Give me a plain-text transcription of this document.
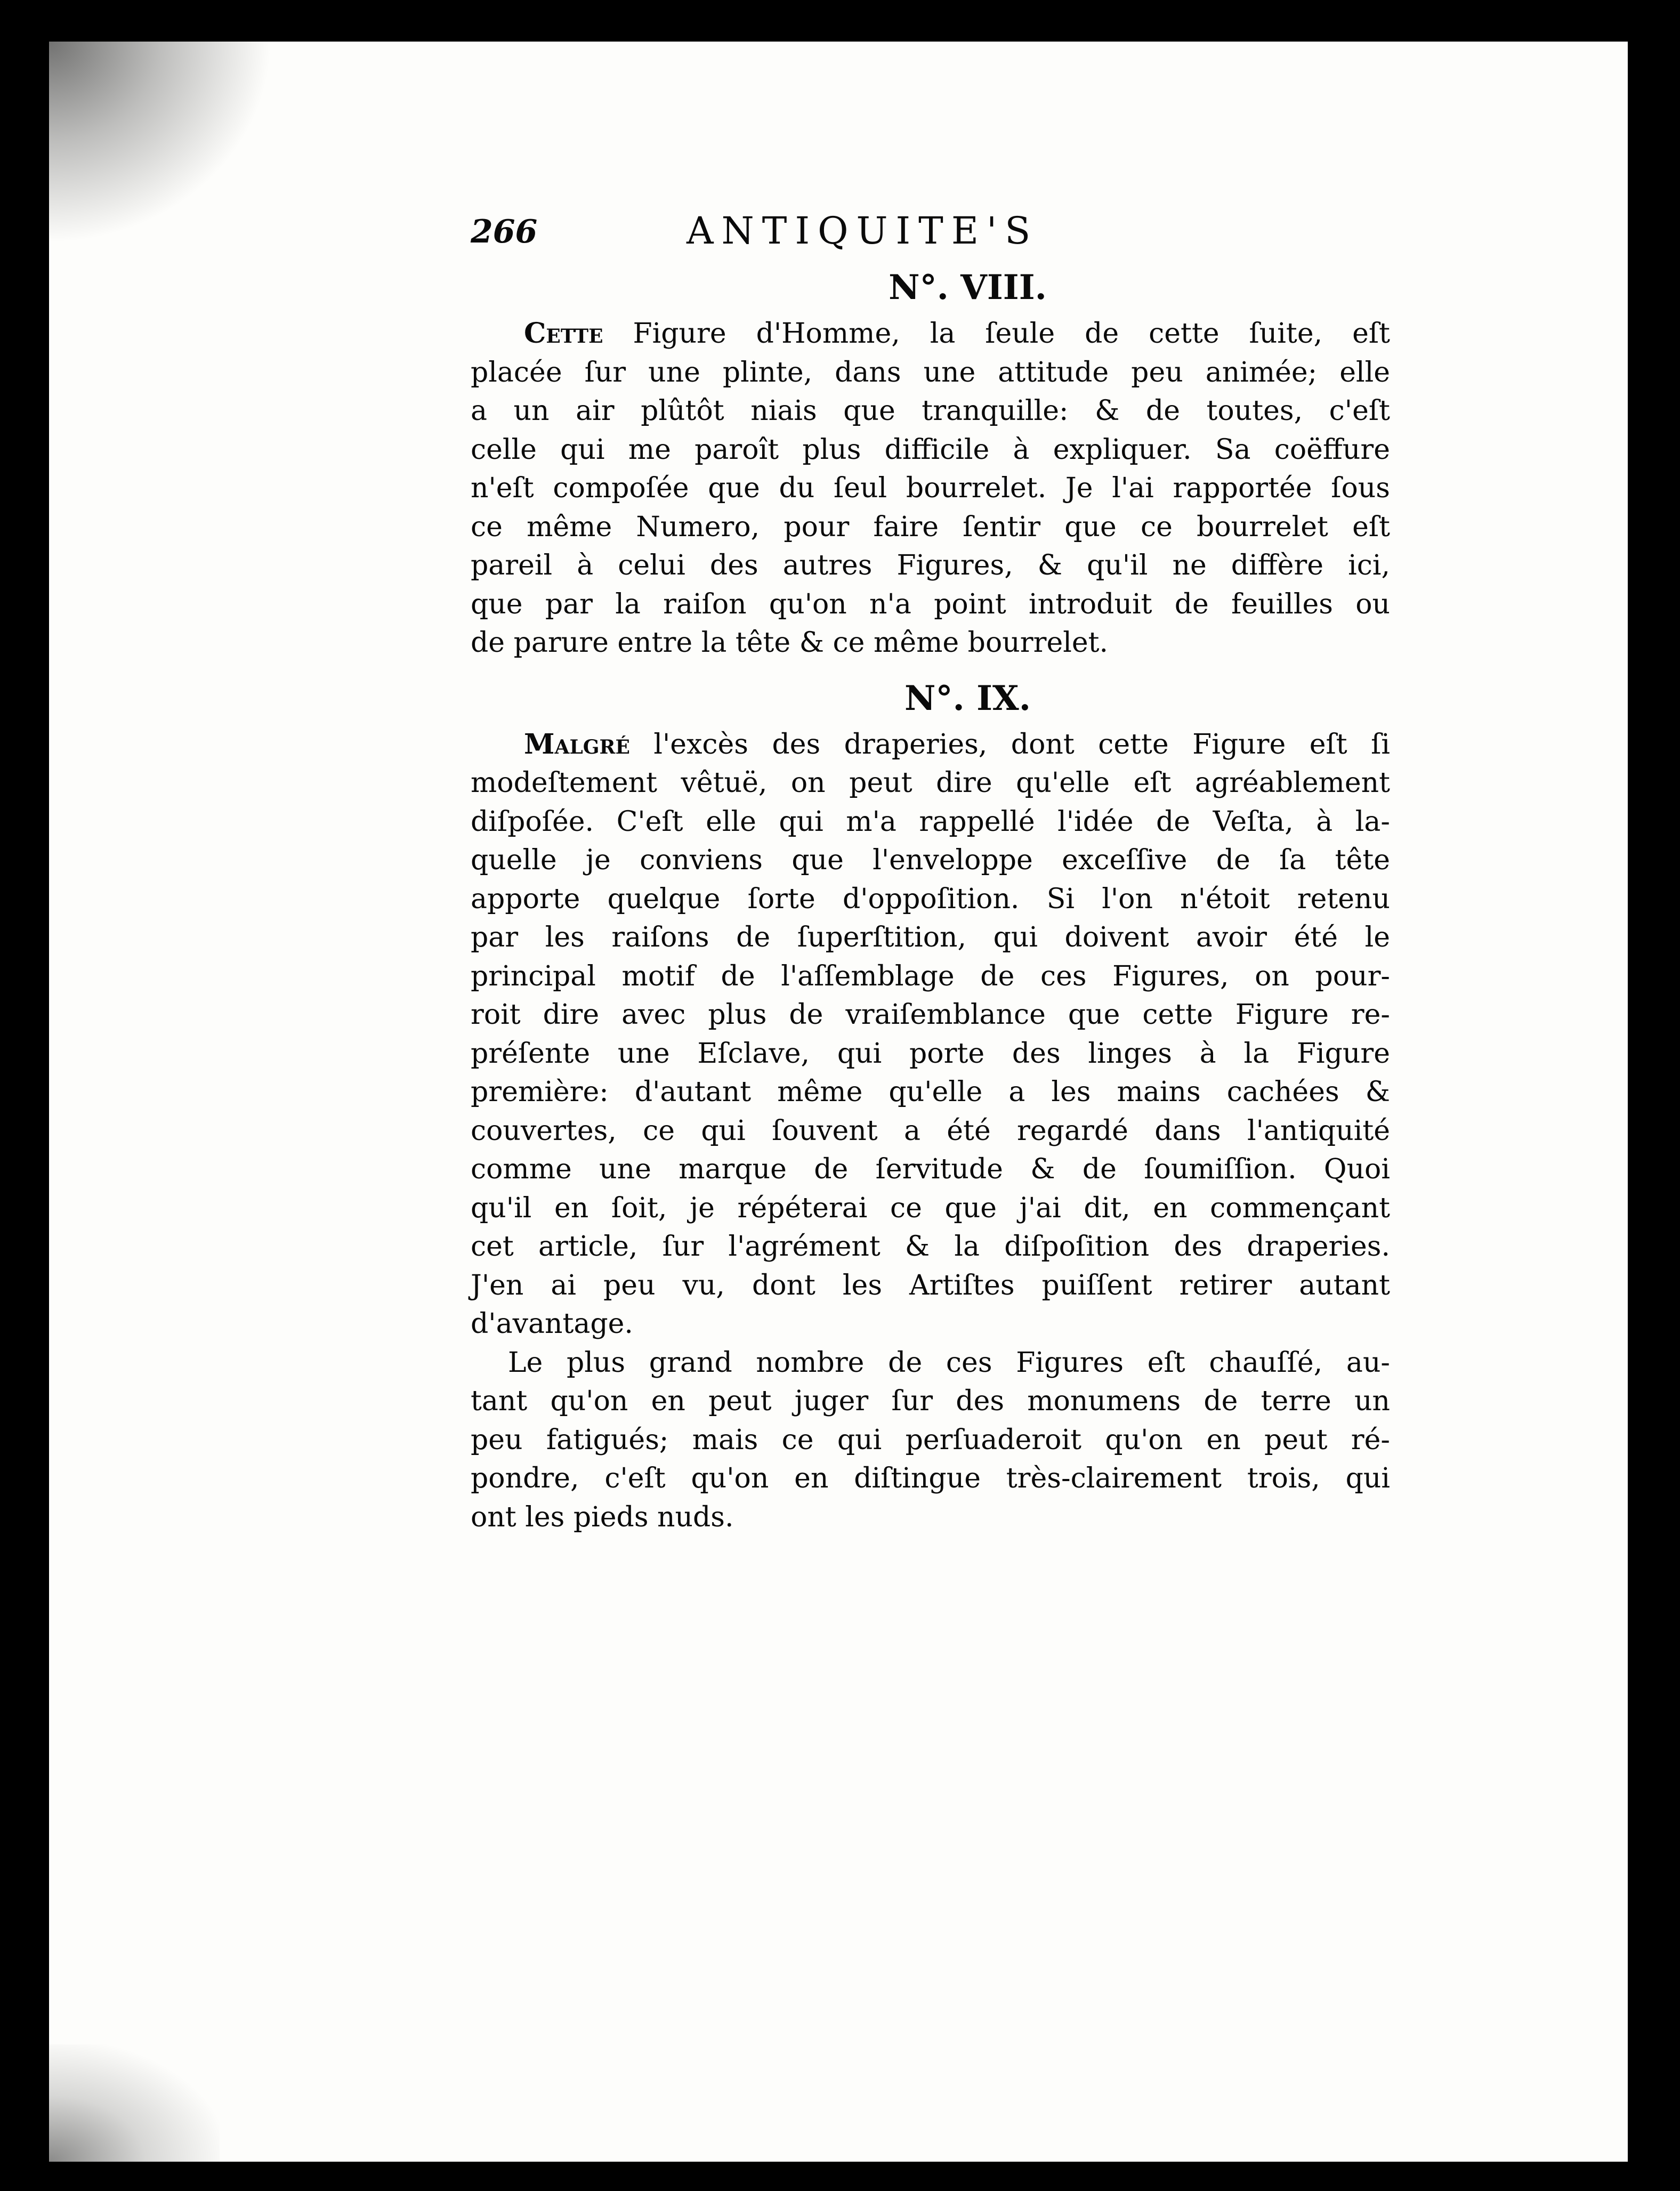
266	ANTIQUITE'S
N°. VIII.

Cette Figure d'Homme, la ſeule de cette ſuite, eſt
placée ſur une plinte, dans une attitude peu animée; elle
a un air plûtôt niais que tranquille: & de toutes, c'eſt
celle qui me paroît plus difficile à expliquer. Sa coëffure
n'eſt compoſée que du ſeul bourrelet. Je l'ai rapportée ſous
ce même Numero, pour faire ſentir que ce bourrelet eſt
pareil à celui des autres Figures, & qu'il ne diffère ici,
que par la raiſon qu'on n'a point introduit de feuilles ou
de parure entre la tête & ce même bourrelet.

N°. IX.

Malgré l'excès des draperies, dont cette Figure eſt ſi
modeſtement vêtuë, on peut dire qu'elle eſt agréablement
diſpoſée. C'eſt elle qui m'a rappellé l'idée de Veſta, à la-
quelle je conviens que l'enveloppe exceſſive de ſa tête
apporte quelque ſorte d'oppoſition. Si l'on n'étoit retenu
par les raiſons de ſuperſtition, qui doivent avoir été le
principal motif de l'aſſemblage de ces Figures, on pour-
roit dire avec plus de vraiſemblance que cette Figure re-
préſente une Eſclave, qui porte des linges à la Figure
première: d'autant même qu'elle a les mains cachées &
couvertes, ce qui ſouvent a été regardé dans l'antiquité
comme une marque de ſervitude & de ſoumiſſion. Quoi
qu'il en ſoit, je répéterai ce que j'ai dit, en commençant
cet article, ſur l'agrément & la diſpoſition des draperies.
J'en ai peu vu, dont les Artiſtes puiſſent retirer autant
d'avantage.

Le plus grand nombre de ces Figures eſt chauſſé, au-
tant qu'on en peut juger ſur des monumens de terre un
peu fatigués; mais ce qui perſuaderoit qu'on en peut ré-
pondre, c'eſt qu'on en diſtingue très-clairement trois, qui
ont les pieds nuds.
